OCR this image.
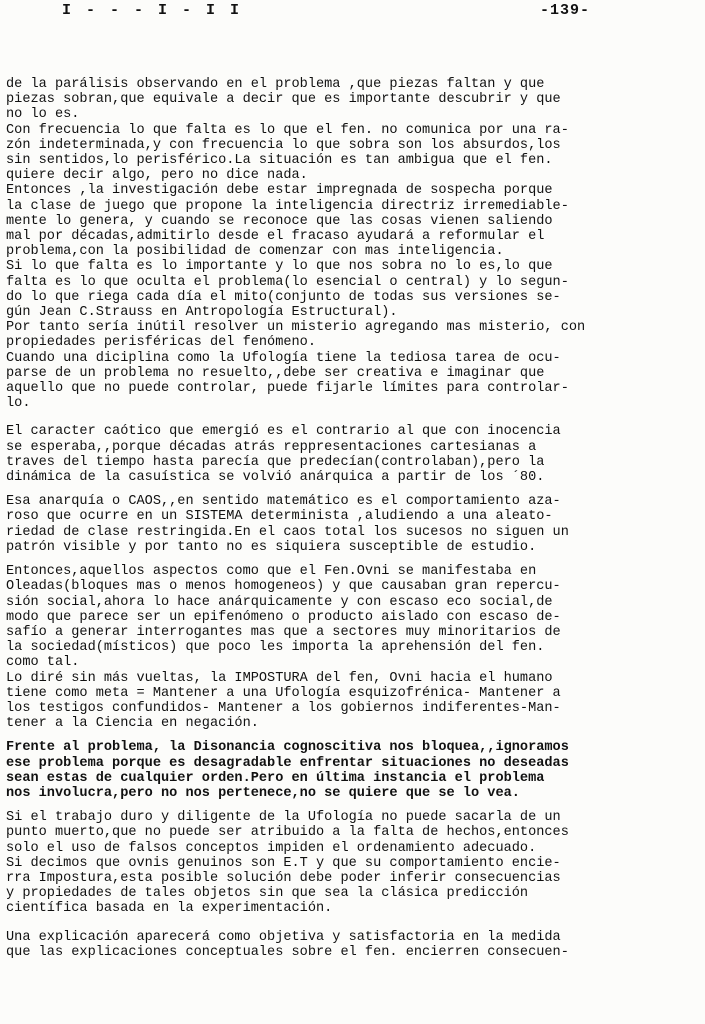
I - - - I - I I	-139-
de la parálisis observando en el problema ,que piezas faltan y que
piezas sobran,que equivale a decir que es importante descubrir y que
no lo es.
Con frecuencia lo que falta es lo que el fen. no comunica por una ra-
zón indeterminada,y con frecuencia lo que sobra son los absurdos,los
sin sentidos,lo perisférico.La situación es tan ambigua que el fen.
quiere decir algo, pero no dice nada.
Entonces ,la investigación debe estar impregnada de sospecha porque
la clase de juego que propone la inteligencia directriz irremediable-
mente lo genera, y cuando se reconoce que las cosas vienen saliendo
mal por décadas,admitirlo desde el fracaso ayudará a reformular el
problema,con la posibilidad de comenzar con mas inteligencia.
Si lo que falta es lo importante y lo que nos sobra no lo es,lo que
falta es lo que oculta el problema(lo esencial o central) y lo segun-
do lo que riega cada día el mito(conjunto de todas sus versiones se-
gún Jean C.Strauss en Antropología Estructural).
Por tanto sería inútil resolver un misterio agregando mas misterio, con
propiedades perisféricas del fenómeno.
Cuando una diciplina como la Ufología tiene la tediosa tarea de ocu-
parse de un problema no resuelto,,debe ser creativa e imaginar que
aquello que no puede controlar, puede fijarle límites para controlar-
lo.
El caracter caótico que emergió es el contrario al que con inocencia
se esperaba,,porque décadas atrás reppresentaciones cartesianas a
traves del tiempo hasta parecía que predecían(controlaban),pero la
dinámica de la casuística se volvió anárquica a partir de los ´80.
Esa anarquía o CAOS,,en sentido matemático es el comportamiento aza-
roso que ocurre en un SISTEMA determinista ,aludiendo a una aleato-
riedad de clase restringida.En el caos total los sucesos no siguen un
patrón visible y por tanto no es siquiera susceptible de estudio.
Entonces,aquellos aspectos como que el Fen.Ovni se manifestaba en
Oleadas(bloques mas o menos homogeneos) y que causaban gran repercu-
sión social,ahora lo hace anárquicamente y con escaso eco social,de
modo que parece ser un epifenómeno o producto aislado con escaso de-
safío a generar interrogantes mas que a sectores muy minoritarios de
la sociedad(místicos) que poco les importa la aprehensión del fen.
como tal.
Lo diré sin más vueltas, la IMPOSTURA del fen, Ovni hacia el humano
tiene como meta = Mantener a una Ufología esquizofrénica- Mantener a
los testigos confundidos- Mantener a los gobiernos indiferentes-Man-
tener a la Ciencia en negación.
Frente al problema, la Disonancia cognoscitiva nos bloquea,,ignoramos
ese problema porque es desagradable enfrentar situaciones no deseadas
sean estas de cualquier orden.Pero en última instancia el problema
nos involucra,pero no nos pertenece,no se quiere que se lo vea.
Si el trabajo duro y diligente de la Ufología no puede sacarla de un
punto muerto,que no puede ser atribuido a la falta de hechos,entonces
solo el uso de falsos conceptos impiden el ordenamiento adecuado.
Si decimos que ovnis genuinos son E.T y que su comportamiento encie-
rra Impostura,esta posible solución debe poder inferir consecuencias
y propiedades de tales objetos sin que sea la clásica predicción
científica basada en la experimentación.
Una explicación aparecerá como objetiva y satisfactoria en la medida
que las explicaciones conceptuales sobre el fen. encierren consecuen-
